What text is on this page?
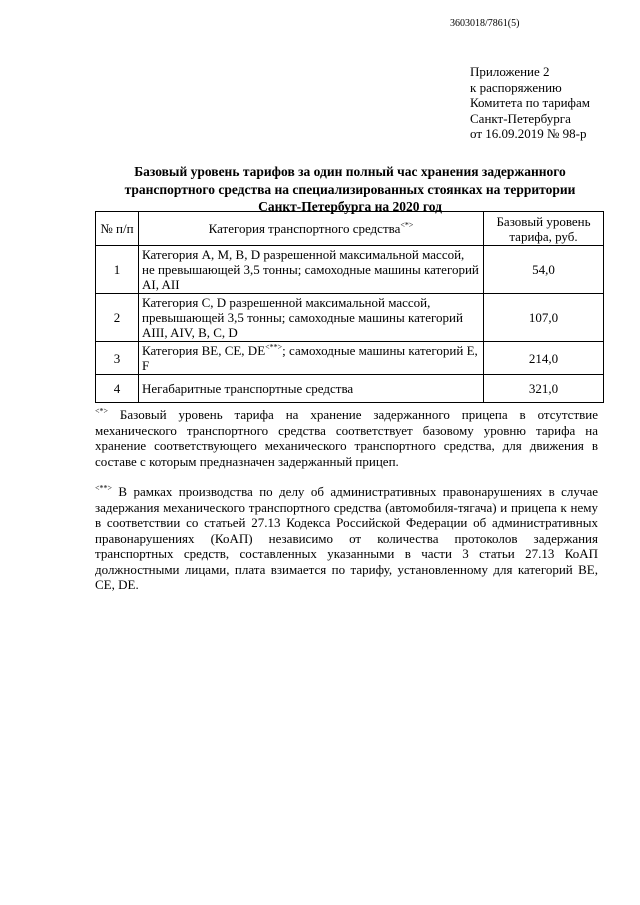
3603018/7861(5)
Приложение 2
к распоряжению
Комитета по тарифам
Санкт-Петербурга
от 16.09.2019 № 98-р
Базовый уровень тарифов за один полный час хранения задержанного
транспортного средства на специализированных стоянках на территории
Санкт-Петербурга на 2020 год
№ п/п	Категория транспортного средства<*>	Базовый уровень тарифа, руб.
1	Категория A, M, B, D разрешенной максимальной массой, не превышающей 3,5 тонны; самоходные машины категорий AI, AII	54,0
2	Категория C, D разрешенной максимальной массой, превышающей 3,5 тонны; самоходные машины категорий AIII, AIV, B, C, D	107,0
3	Категория BE, CE, DE<**>; самоходные машины категорий E, F	214,0
4	Негабаритные транспортные средства	321,0
<*> Базовый уровень тарифа на хранение задержанного прицепа в отсутствие механического транспортного средства соответствует базовому уровню тарифа на хранение соответствующего механического транспортного средства, для движения в составе с которым предназначен задержанный прицеп.
<**> В рамках производства по делу об административных правонарушениях в случае задержания механического транспортного средства (автомобиля-тягача) и прицепа к нему в соответствии со статьей 27.13 Кодекса Российской Федерации об административных правонарушениях (КоАП) независимо от количества протоколов задержания транспортных средств, составленных указанными в части 3 статьи 27.13 КоАП должностными лицами, плата взимается по тарифу, установленному для категорий BE, CE, DE.
